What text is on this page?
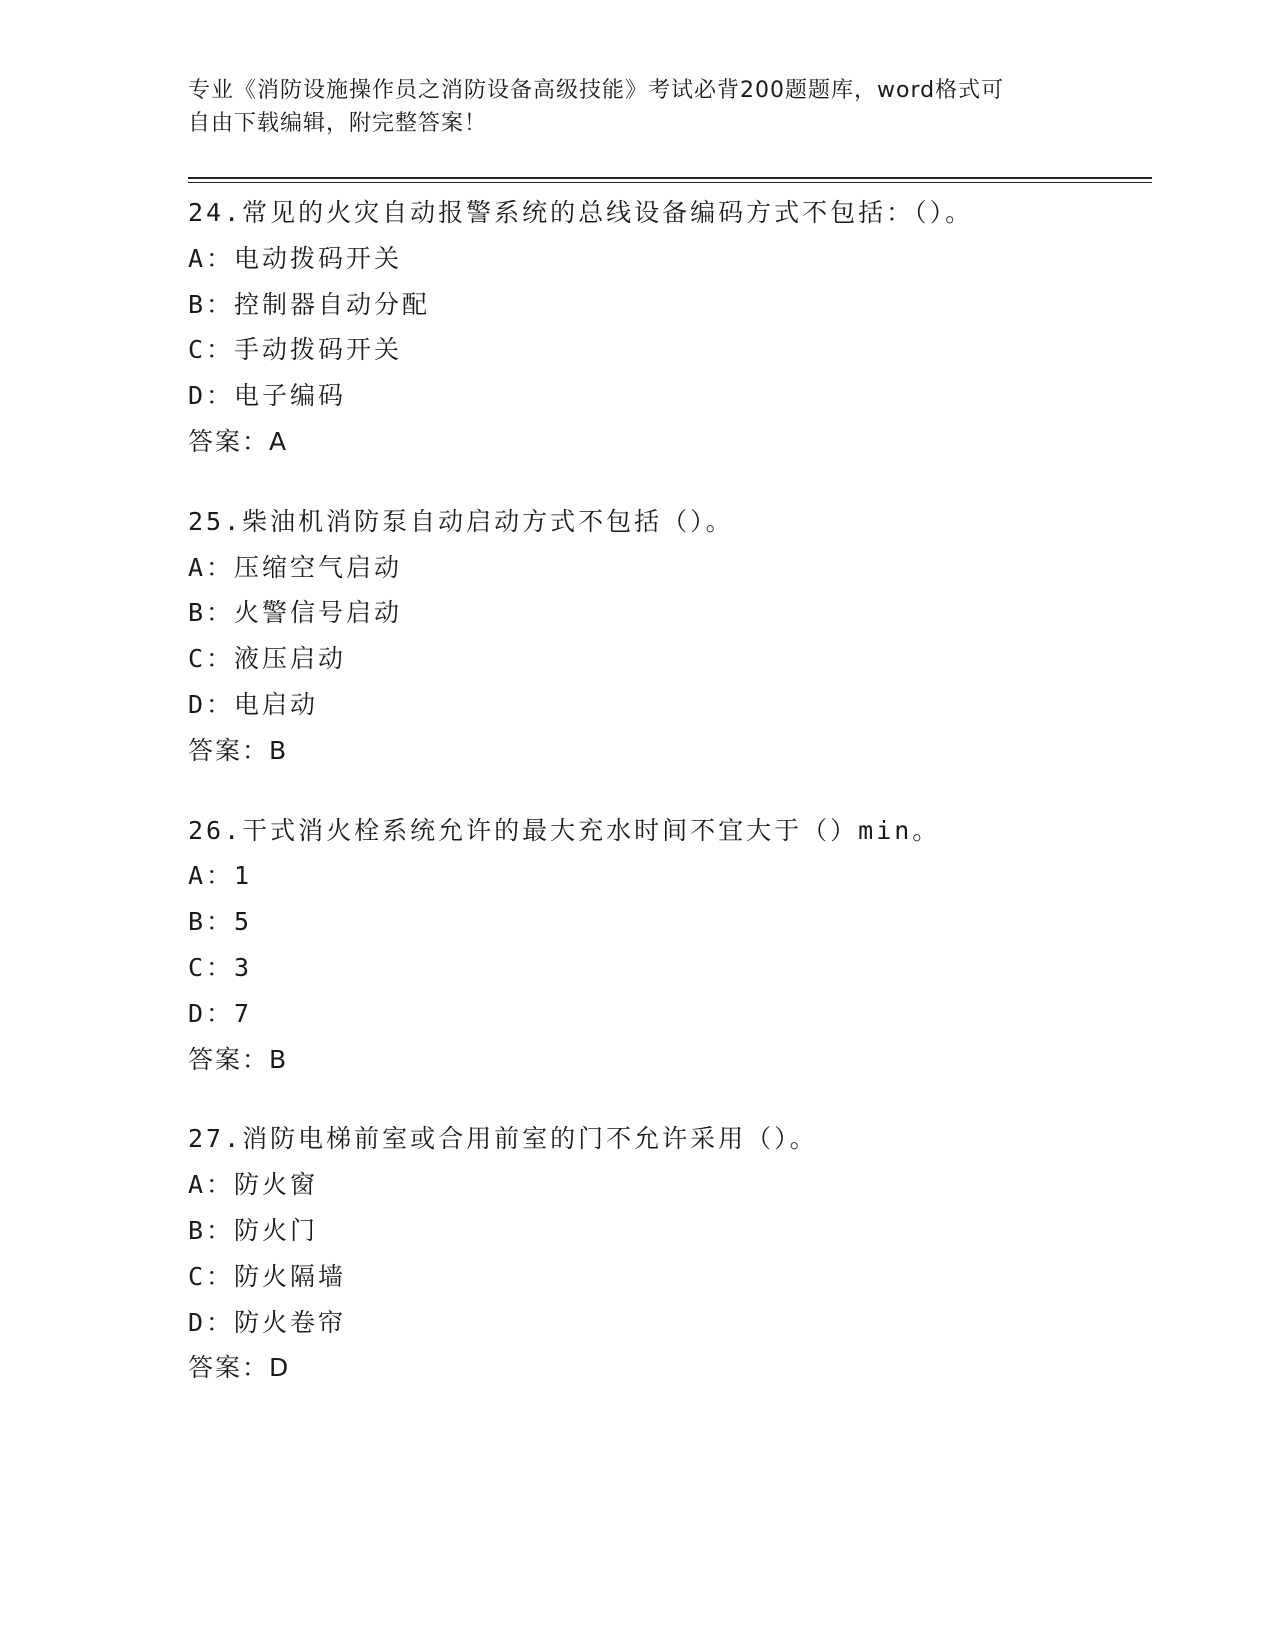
专业《消防设施操作员之消防设备高级技能》考试必背200题题库，word格式可
自由下载编辑，附完整答案！
24.常见的火灾自动报警系统的总线设备编码方式不包括：（）。
A：电动拨码开关
B：控制器自动分配
C：手动拨码开关
D：电子编码
答案：A
25.柴油机消防泵自动启动方式不包括（）。
A：压缩空气启动
B：火警信号启动
C：液压启动
D：电启动
答案：B
26.干式消火栓系统允许的最大充水时间不宜大于（）min。
A：1
B：5
C：3
D：7
答案：B
27.消防电梯前室或合用前室的门不允许采用（）。
A：防火窗
B：防火门
C：防火隔墙
D：防火卷帘
答案：D
